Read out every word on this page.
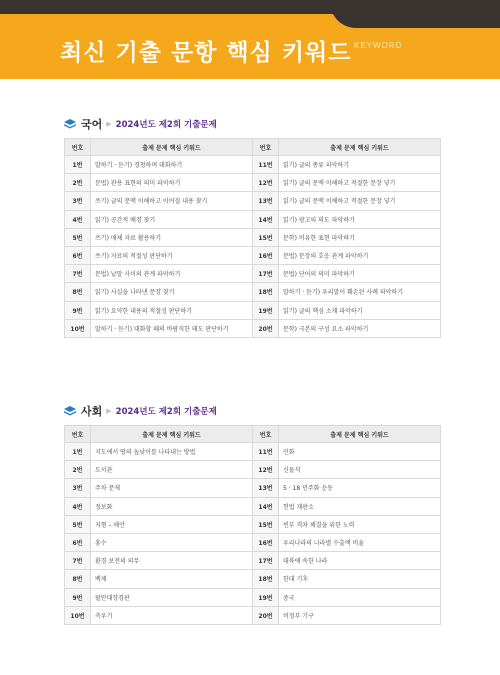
최신 기출 문항 핵심 키워드 KEYWORD
국어 ▶ 2024년도 제2회 기출문제
번호	출제 문제 핵심 키워드	번호	출제 문제 핵심 키워드
1번	말하기 · 듣기) 경청하며 대화하기	11번	읽기) 글의 종류 파악하기
2번	문법) 관용 표현의 의미 파악하기	12번	읽기) 글의 문맥 이해하고 적절한 문장 넣기
3번	쓰기) 글의 문맥 이해하고 이어질 내용 찾기	13번	읽기) 글의 문맥 이해하고 적절한 문장 넣기
4번	읽기) 공간적 배경 찾기	14번	읽기) 광고의 의도 파악하기
5번	쓰기) 매체 자료 활용하기	15번	문학) 비유한 표현 파악하기
6번	쓰기) 자료의 적절성 판단하기	16번	문법) 문장의 호응 관계 파악하기
7번	문법) 낱말 사이의 관계 파악하기	17번	문법) 단어의 의미 파악하기
8번	읽기) 사실을 나타낸 문장 찾기	18번	말하기 · 듣기) 우리말이 훼손된 사례 파악하기
9번	읽기) 요약한 내용의 적절성 판단하기	19번	읽기) 글의 핵심 소재 파악하기
10번	말하기 · 듣기) 대화할 때의 바람직한 태도 판단하기	20번	문학) 극본의 구성 요소 파악하기
사회 ▶ 2024년도 제2회 기출문제
번호	출제 문제 핵심 키워드	번호	출제 문제 핵심 키워드
1번	지도에서 땅의 높낮이를 나타내는 방법	11번	민화
2번	도서관	12번	신돌석
3번	주차 문제	13번	5 · 18 민주화 운동
4번	정보화	14번	헌법 재판소
5번	지형 – 해안	15번	빈부 격차 해결을 위한 노력
6번	홍수	16번	우리나라의 나라별 수출액 비율
7번	환경 보전의 의무	17번	대륙에 속한 나라
8번	백제	18번	한대 기후
9번	팔만대장경판	19번	중국
10번	측우기	20번	비정부 기구
